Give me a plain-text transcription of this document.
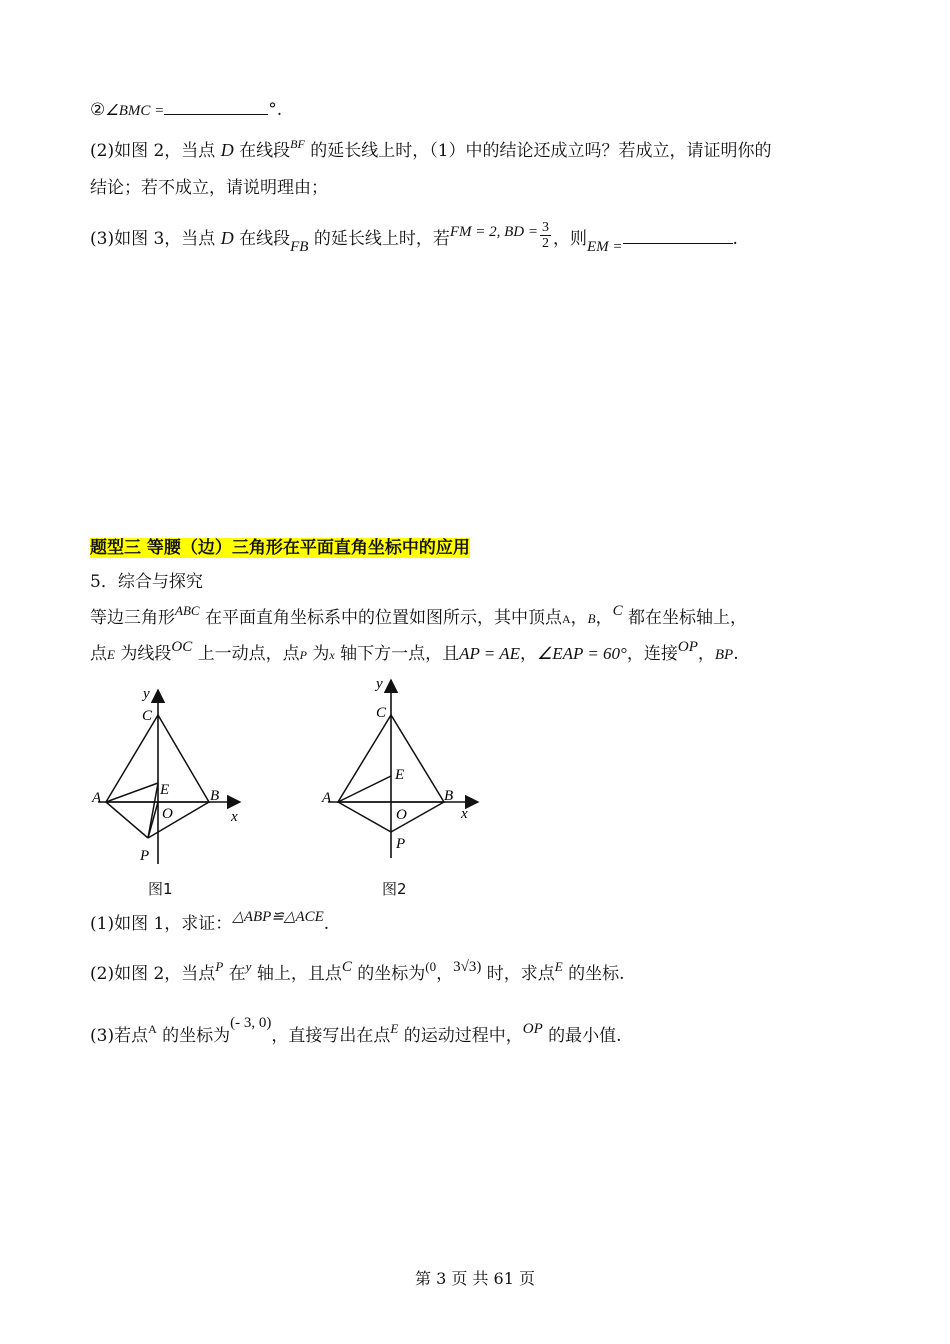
②∠BMC =	°.
(2)如图 2，当点 D 在线段$^{BF}$ 的延长线上时，（1）中的结论还成立吗？若成立，请证明你的
结论；若不成立，请说明理由；
(3)如图 3，当点 D 在线段FB 的延长线上时，若FM = 2, BD = $\frac{3}{2}$ ，则EM =	.
题型三 等腰（边）三角形在平面直角坐标中的应用
5．综合与探究
等边三角形$^{ABC}$ 在平面直角坐标系中的位置如图所示，其中顶点A，B，C 都在坐标轴上，
点E 为线段OC 上一动点，点P 为x 轴下方一点，且AP = AE，∠EAP = 60°，连接OP，BP.
y
C
E
A	B
O	x
P
图1
y
C
E
A	B
O	x
P
图2
(1)如图 1，求证：△ABP≌△ACE.
(2)如图 2，当点$^P$ 在$^y$ 轴上，且点C 的坐标为$^{(0}$，3√3) 时，求点$^E$ 的坐标.
(3)若点$^A$ 的坐标为(- 3, 0)，直接写出在点$^E$ 的运动过程中，OP 的最小值.
第 3 页 共 61 页
